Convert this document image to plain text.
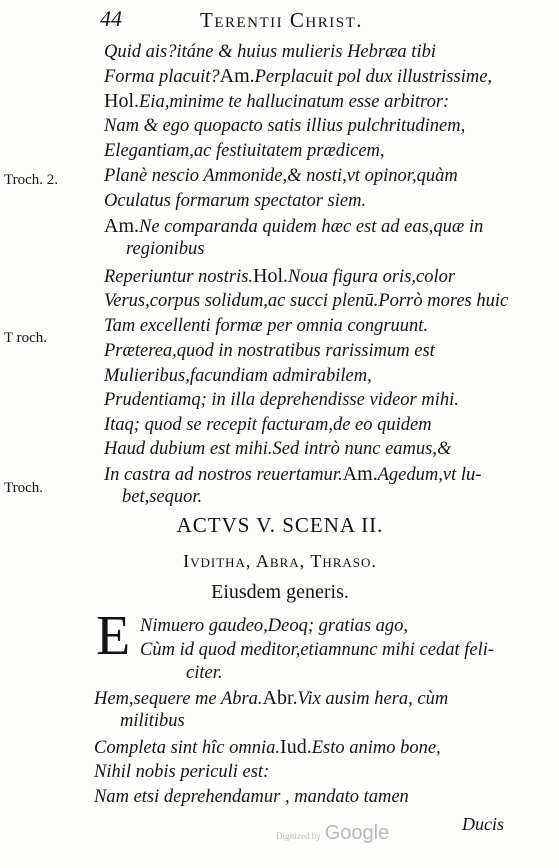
44	Terentii Christ.
Troch. 2.
T roch.
Troch.
Quid ais?itáne & huius mulieris Hebræa tibi
Forma placuit?Am.Perplacuit pol dux illustrissime,
Hol.Eia,minime te hallucinatum esse arbitror:
Nam & ego quopacto satis illius pulchritudinem,
Elegantiam,ac festiuitatem prædicem,
Planè nescio Ammonide,& nosti,vt opinor,quàm
Oculatus formarum spectator siem.
Am.Ne comparanda quidem hæc est ad eas,quæ in
regionibus
Reperiuntur nostris.Hol.Noua figura oris,color
Verus,corpus solidum,ac succi plenū.Porrò mores huic
Tam excellenti formæ per omnia congruunt.
Præterea,quod in nostratibus rarissimum est
Mulieribus,facundiam admirabilem,
Prudentiamq; in illa deprehendisse videor mihi.
Itaq; quod se recepit facturam,de eo quidem
Haud dubium est mihi.Sed intrò nunc eamus,&
In castra ad nostros reuertamur.Am.Agedum,vt lu-
bet,sequor.
ACTVS V. SCENA II.
Ivditha, Abra, Thraso.
Eiusdem generis.
E Nimuero gaudeo,Deoq; gratias ago,
Cùm id quod meditor,etiamnunc mihi cedat feli-
citer.
Hem,sequere me Abra.Abr.Vix ausim hera, cùm
militibus
Completa sint hîc omnia.Iud.Esto animo bone,
Nihil nobis periculi est:
Nam etsi deprehendamur , mandato tamen
Digitized by Google	Ducis
